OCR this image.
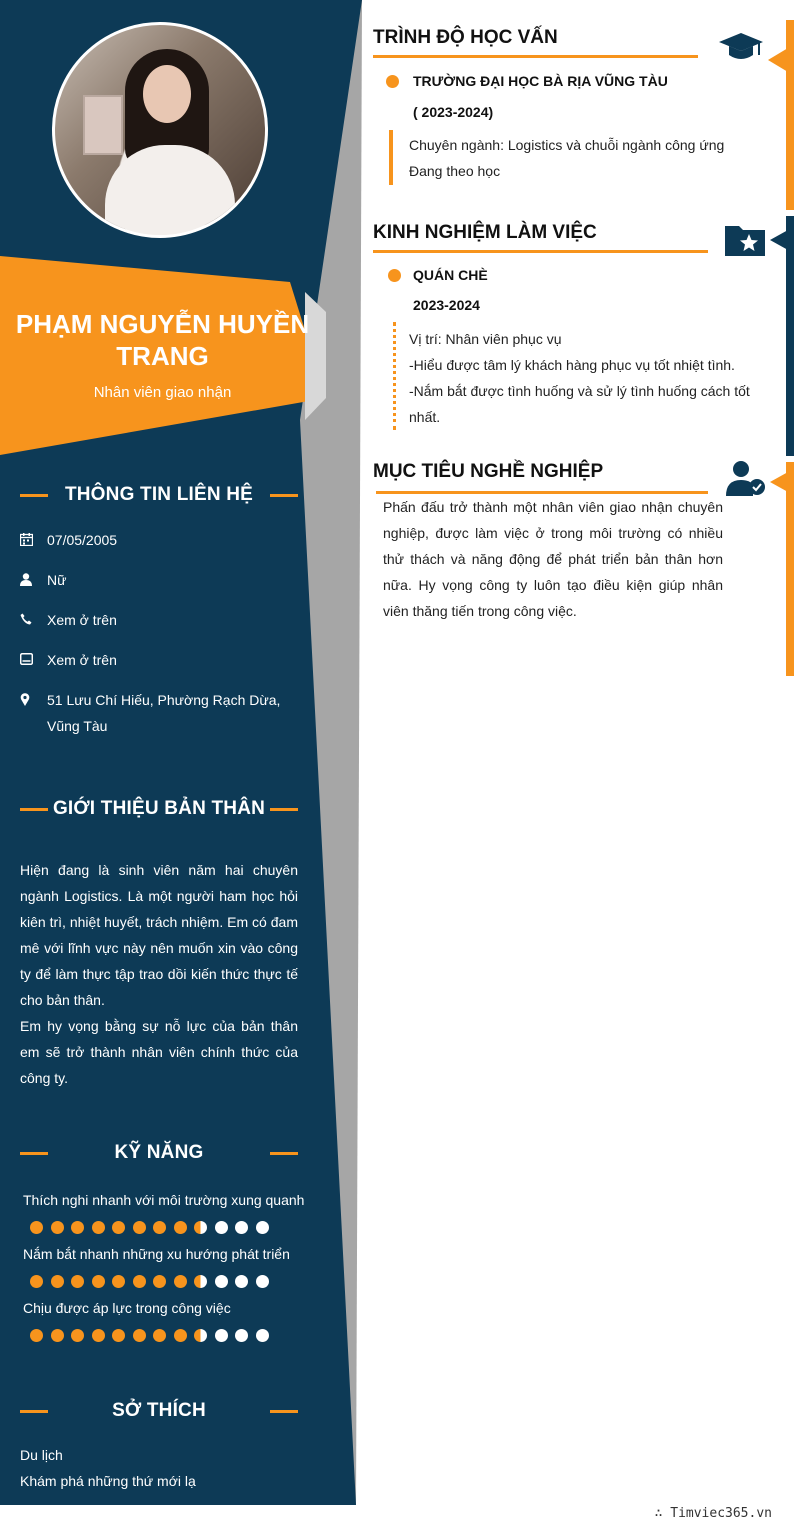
PHẠM NGUYỄN HUYỀN TRANG
Nhân viên giao nhận
THÔNG TIN LIÊN HỆ
07/05/2005
Nữ
Xem ở trên
Xem ở trên
51 Lưu Chí Hiếu, Phường Rạch Dừa, Vũng Tàu
GIỚI THIỆU BẢN THÂN

Hiện đang là sinh viên năm hai chuyên ngành Logistics. Là một người ham học hỏi kiên trì, nhiệt huyết, trách nhiệm. Em có đam mê với lĩnh vực này nên muốn xin vào công ty để làm thực tập trao dồi kiến thức thực tế cho bản thân.

Em hy vọng bằng sự nỗ lực của bản thân em sẽ trở thành nhân viên chính thức của công ty.

KỸ NĂNG
Thích nghi nhanh với môi trường xung quanh
Nắm bắt nhanh những xu hướng phát triển
Chịu được áp lực trong công việc
SỞ THÍCH
Du lịch
Khám phá những thứ mới lạ
TRÌNH ĐỘ HỌC VẤN
TRƯỜNG ĐẠI HỌC BÀ RỊA VŨNG TÀU
( 2023-2024)
Chuyên ngành: Logistics và chuỗi ngành công ứng
Đang theo học
KINH NGHIỆM LÀM VIỆC
QUÁN CHÈ
2023-2024
Vị trí: Nhân viên phục vụ
-Hiểu được tâm lý khách hàng phục vụ tốt nhiệt tình.
-Nắm bắt được tình huống và sử lý tình huống cách tốt nhất.
MỤC TIÊU NGHỀ NGHIỆP
Phấn đấu trở thành một nhân viên giao nhận chuyên nghiệp, được làm việc ở trong môi trường có nhiều thử thách và năng động để phát triển bản thân hơn nữa. Hy vọng công ty luôn tạo điều kiện giúp nhân viên thăng tiến trong công việc.
∴ Timviec365.vn
